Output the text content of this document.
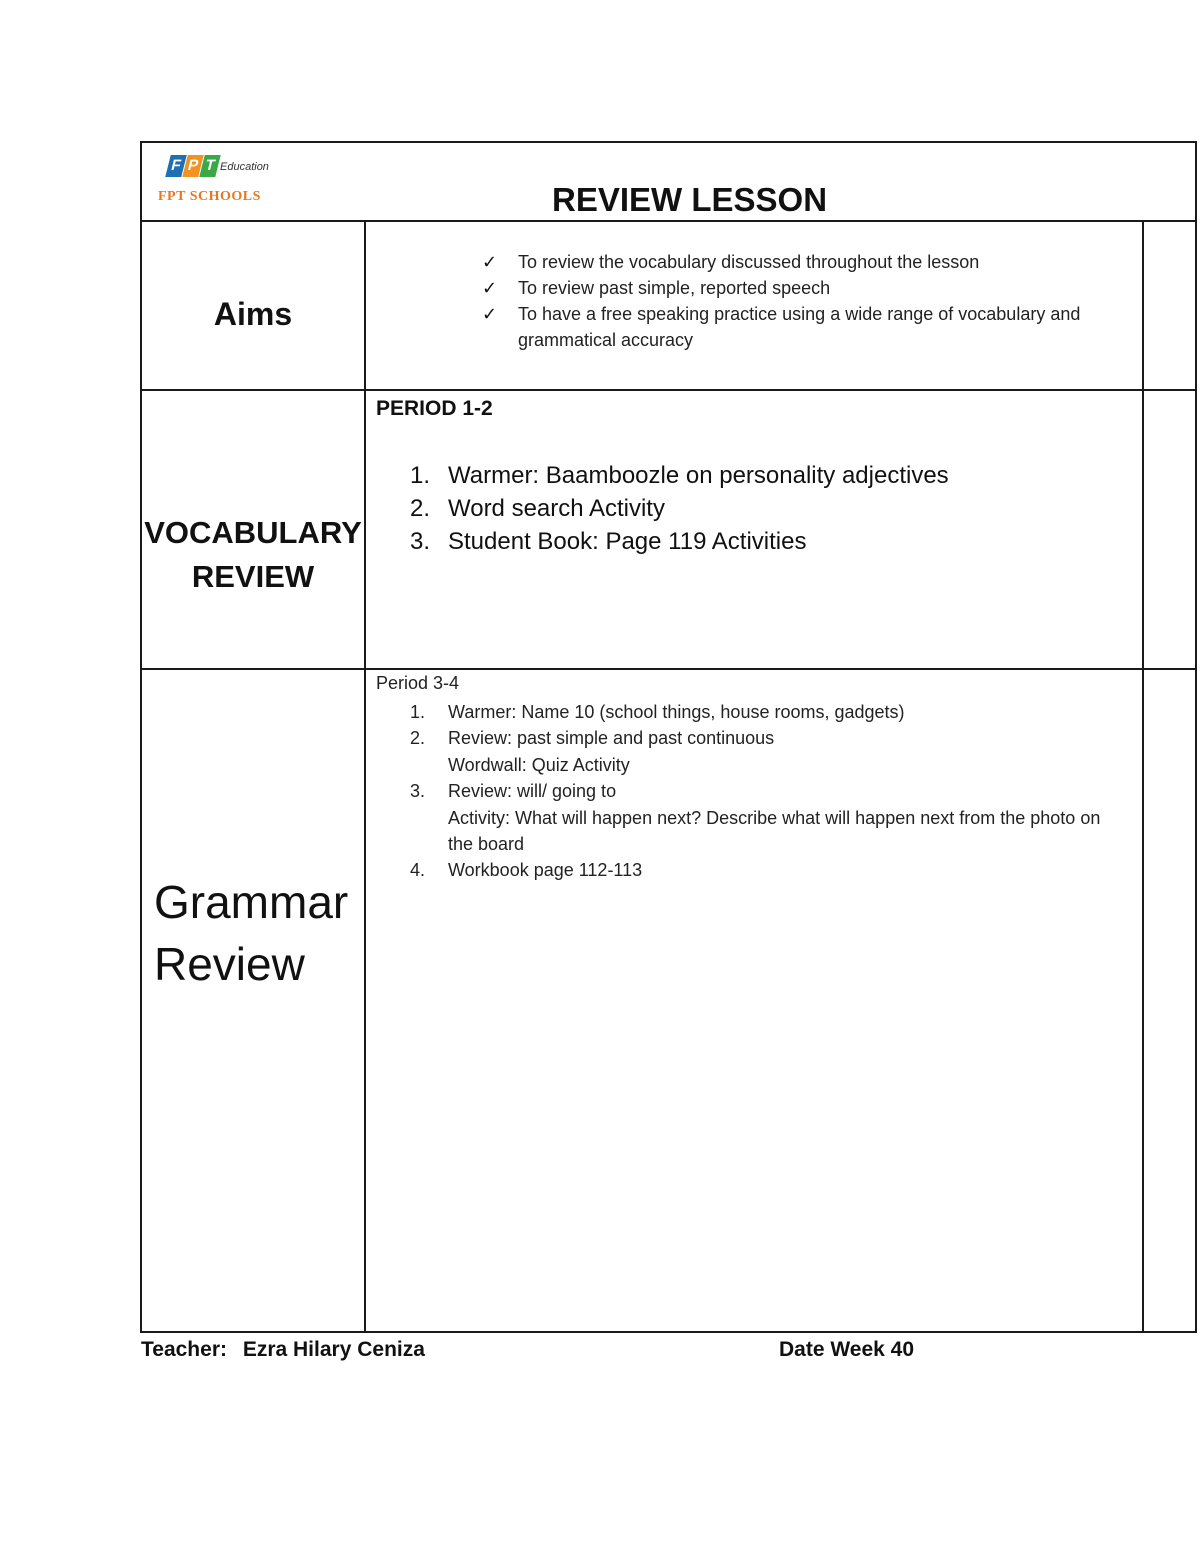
F P T Education
FPT SCHOOLS	REVIEW LESSON
Aims
✓ To review the vocabulary discussed throughout the lesson
✓ To review past simple, reported speech
✓ To have a free speaking practice using a wide range of vocabulary and grammatical accuracy
VOCABULARY
REVIEW
PERIOD 1-2
1. Warmer: Baamboozle on personality adjectives
2. Word search Activity
3. Student Book: Page 119 Activities
Grammar
Review
Period 3-4
1. Warmer: Name 10 (school things, house rooms, gadgets)
2. Review: past simple and past continuous
Wordwall: Quiz Activity
3. Review: will/ going to
Activity: What will happen next? Describe what will happen next from the photo on the board
4. Workbook page 112-113
Teacher: Ezra Hilary Ceniza	Date Week 40
